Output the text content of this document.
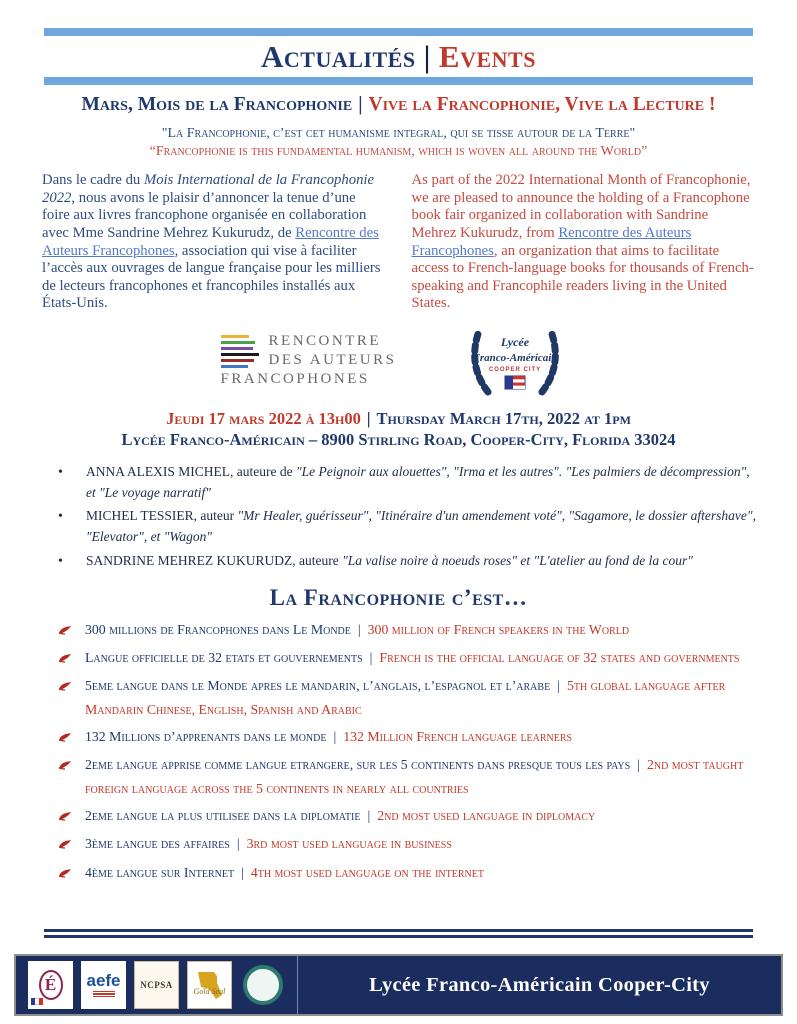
Actualités | Events
Mars, Mois de la Francophonie | Vive la Francophonie, Vive la Lecture !
"La Francophonie, c’est cet humanisme integral, qui se tisse autour de la Terre"
“Francophonie is this fundamental humanism, which is woven all around the World”
Dans le cadre du Mois International de la Francophonie 2022, nous avons le plaisir d’annoncer la tenue d’une foire aux livres francophone organisée en collaboration avec Mme Sandrine Mehrez Kukurudz, de Rencontre des Auteurs Francophones, association qui vise à faciliter l’accès aux ouvrages de langue française pour les milliers de lecteurs francophones et francophiles installés aux États-Unis.
As part of the 2022 International Month of Francophonie, we are pleased to announce the holding of a Francophone book fair organized in collaboration with Sandrine Mehrez Kukurudz, from Rencontre des Auteurs Francophones, an organization that aims to facilitate access to French-language books for thousands of French-speaking and Francophile readers living in the United States.
RENCONTRE
DES AUTEURS
FRANCOPHONES
Lycée
Franco-Américain
COOPER CITY
Jeudi 17 mars 2022 à 13h00 | Thursday March 17th, 2022 at 1pm
Lycée Franco-Américain – 8900 Stirling Road, Cooper-City, Florida 33024
• ANNA ALEXIS MICHEL, auteure de "Le Peignoir aux alouettes", "Irma et les autres". "Les palmiers de décompression", et "Le voyage narratif"
• MICHEL TESSIER, auteur "Mr Healer, guérisseur", "Itinéraire d'un amendement voté", "Sagamore, le dossier aftershave", "Elevator", et "Wagon"
• SANDRINE MEHREZ KUKURUDZ, auteure "La valise noire à noeuds roses" et "L'atelier au fond de la cour"
La Francophonie c’est…
300 millions de Francophones dans Le Monde | 300 million of French speakers in the World
Langue officielle de 32 etats et gouvernements | French is the official language of 32 states and governments
5eme langue dans le Monde apres le mandarin, l’anglais, l’espagnol et l’arabe | 5th global language after Mandarin Chinese, English, Spanish and Arabic
132 Millions d’apprenants dans le monde | 132 Million French language learners
2eme langue apprise comme langue etrangere, sur les 5 continents dans presque tous les pays | 2nd most taught foreign language across the 5 continents in nearly all countries
2eme langue la plus utilisee dans la diplomatie | 2nd most used language in diplomacy
3ème langue des affaires | 3rd most used language in business
4ème langue sur Internet | 4th most used language on the internet
É	aefe NCPSA
Gold Seal	Lycée Franco-Américain Cooper-City
